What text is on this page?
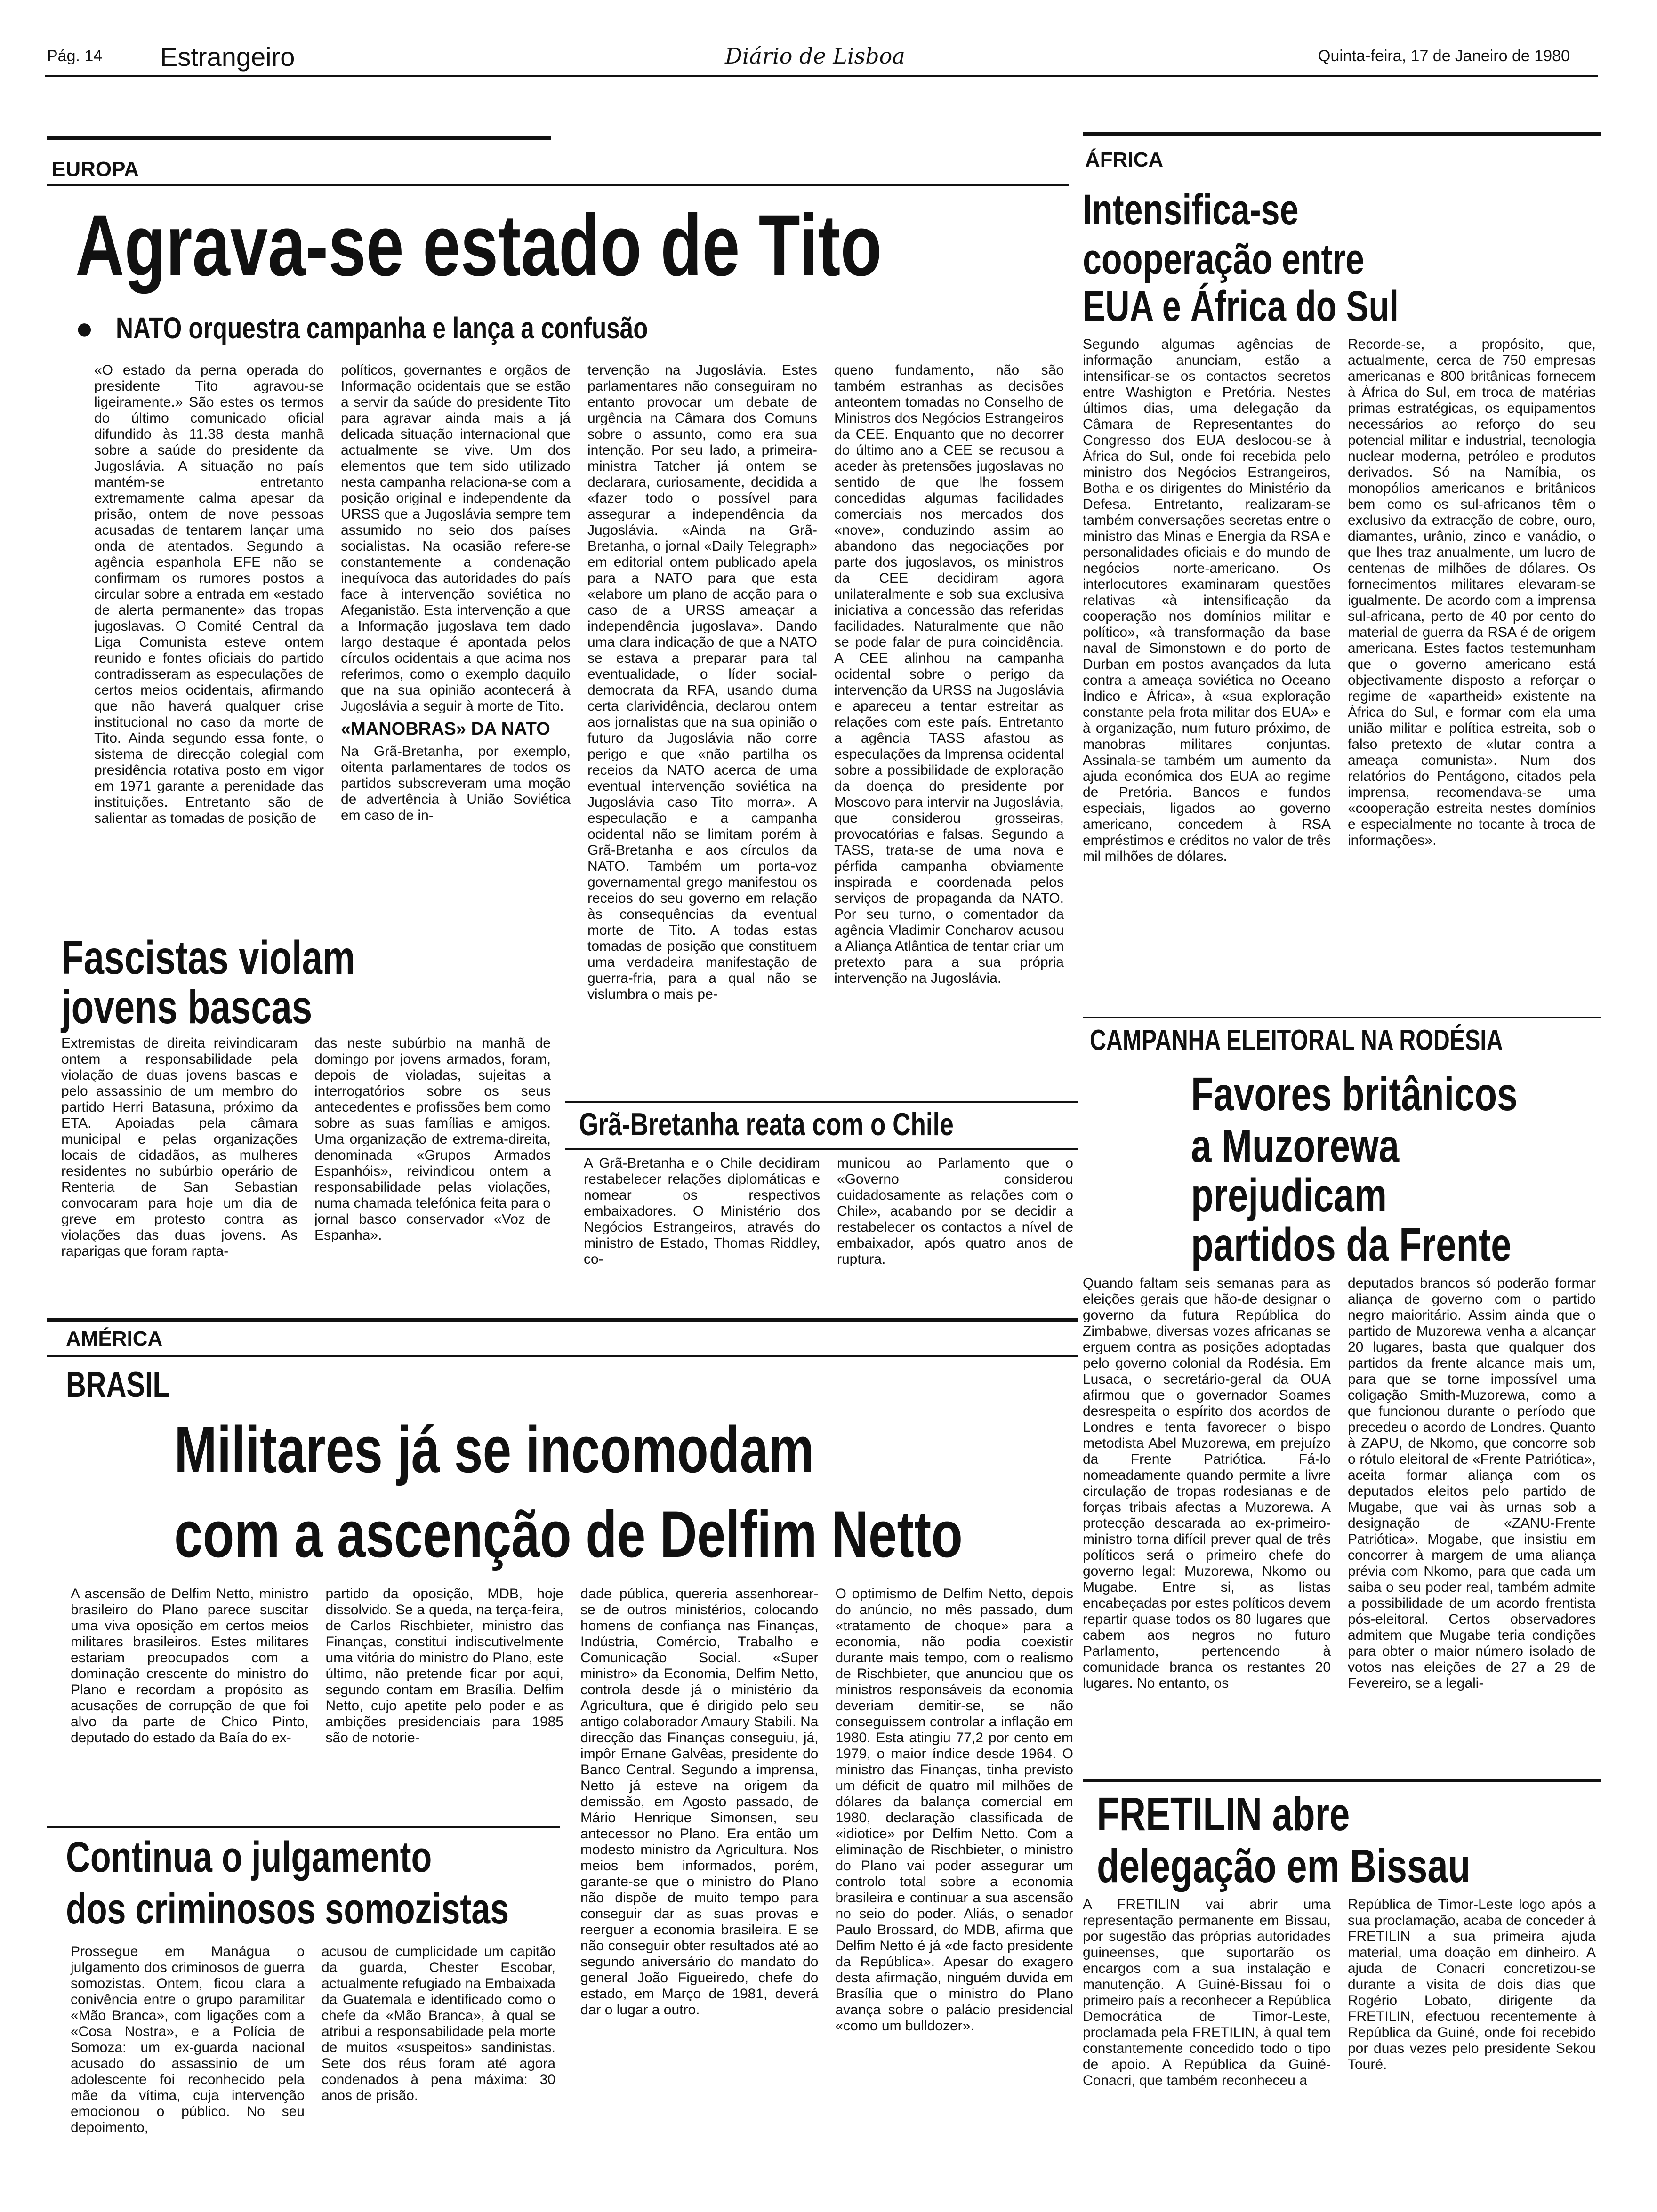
Pág. 14 Estrangeiro	Diário de Lisboa	Quinta-feira, 17 de Janeiro de 1980
EUROPA
Agrava-se estado de Tito
● NATO orquestra campanha e lança a confusão
«O estado da perna operada do presidente Tito agravou-se ligeiramente.» São estes os termos do último comunicado oficial difundido às 11.38 desta manhã sobre a saúde do presidente da Jugoslávia. A situação no país mantém-se entretanto extremamente calma apesar da prisão, ontem de nove pessoas acusadas de tentarem lançar uma onda de atentados. Segundo a agência espanhola EFE não se confirmam os rumores postos a circular sobre a entrada em «estado de alerta permanente» das tropas jugoslavas. O Comité Central da Liga Comunista esteve ontem reunido e fontes oficiais do partido contradisseram as especulações de certos meios ocidentais, afirmando que não haverá qualquer crise institucional no caso da morte de Tito. Ainda segundo essa fonte, o sistema de direcção colegial com presidência rotativa posto em vigor em 1971 garante a perenidade das instituições. Entretanto são de salientar as tomadas de posição de
políticos, governantes e orgãos de Informação ocidentais que se estão a servir da saúde do presidente Tito para agravar ainda mais a já delicada situação internacional que actualmente se vive. Um dos elementos que tem sido utilizado nesta campanha relaciona-se com a posição original e independente da URSS que a Jugoslávia sempre tem assumido no seio dos países socialistas. Na ocasião refere-se constantemente a condenação inequívoca das autoridades do país face à intervenção soviética no Afeganistão. Esta intervenção a que a Informação jugoslava tem dado largo destaque é apontada pelos círculos ocidentais a que acima nos referimos, como o exemplo daquilo que na sua opinião acontecerá à Jugoslávia a seguir à morte de Tito.
«MANOBRAS» DA NATO
Na Grã-Bretanha, por exemplo, oitenta parlamentares de todos os partidos subscreveram uma moção de advertência à União Soviética em caso de in-
tervenção na Jugoslávia. Estes parlamentares não conseguiram no entanto provocar um debate de urgência na Câmara dos Comuns sobre o assunto, como era sua intenção. Por seu lado, a primeira-ministra Tatcher já ontem se declarara, curiosamente, decidida a «fazer todo o possível para assegurar a independência da Jugoslávia. «Ainda na Grã-Bretanha, o jornal «Daily Telegraph» em editorial ontem publicado apela para a NATO para que esta «elabore um plano de acção para o caso de a URSS ameaçar a independência jugoslava». Dando uma clara indicação de que a NATO se estava a preparar para tal eventualidade, o líder social-democrata da RFA, usando duma certa clarividência, declarou ontem aos jornalistas que na sua opinião o futuro da Jugoslávia não corre perigo e que «não partilha os receios da NATO acerca de uma eventual intervenção soviética na Jugoslávia caso Tito morra». A especulação e a campanha ocidental não se limitam porém à Grã-Bretanha e aos círculos da NATO. Também um porta-voz governamental grego manifestou os receios do seu governo em relação às consequências da eventual morte de Tito. A todas estas tomadas de posição que constituem uma verdadeira manifestação de guerra-fria, para a qual não se vislumbra o mais pe-
queno fundamento, não são também estranhas as decisões anteontem tomadas no Conselho de Ministros dos Negócios Estrangeiros da CEE. Enquanto que no decorrer do último ano a CEE se recusou a aceder às pretensões jugoslavas no sentido de que lhe fossem concedidas algumas facilidades comerciais nos mercados dos «nove», conduzindo assim ao abandono das negociações por parte dos jugoslavos, os ministros da CEE decidiram agora unilateralmente e sob sua exclusiva iniciativa a concessão das referidas facilidades. Naturalmente que não se pode falar de pura coincidência. A CEE alinhou na campanha ocidental sobre o perigo da intervenção da URSS na Jugoslávia e apareceu a tentar estreitar as relações com este país. Entretanto a agência TASS afastou as especulações da Imprensa ocidental sobre a possibilidade de exploração da doença do presidente por Moscovo para intervir na Jugoslávia, que considerou grosseiras, provocatórias e falsas. Segundo a TASS, trata-se de uma nova e pérfida campanha obviamente inspirada e coordenada pelos serviços de propaganda da NATO. Por seu turno, o comentador da agência Vladimir Concharov acusou a Aliança Atlântica de tentar criar um pretexto para a sua própria intervenção na Jugoslávia.
Fascistas violam
jovens bascas
Extremistas de direita reivindicaram ontem a responsabilidade pela violação de duas jovens bascas e pelo assassinio de um membro do partido Herri Batasuna, próximo da ETA. Apoiadas pela câmara municipal e pelas organizações locais de cidadãos, as mulheres residentes no subúrbio operário de Renteria de San Sebastian convocaram para hoje um dia de greve em protesto contra as violações das duas jovens. As raparigas que foram rapta-
das neste subúrbio na manhã de domingo por jovens armados, foram, depois de violadas, sujeitas a interrogatórios sobre os seus antecedentes e profissões bem como sobre as suas famílias e amigos. Uma organização de extrema-direita, denominada «Grupos Armados Espanhóis», reivindicou ontem a responsabilidade pelas violações, numa chamada telefónica feita para o jornal basco conservador «Voz de Espanha».
Grã-Bretanha reata com o Chile
A Grã-Bretanha e o Chile decidiram restabelecer relações diplomáticas e nomear os respectivos embaixadores. O Ministério dos Negócios Estrangeiros, através do ministro de Estado, Thomas Riddley, co-
municou ao Parlamento que o «Governo considerou cuidadosamente as relações com o Chile», acabando por se decidir a restabelecer os contactos a nível de embaixador, após quatro anos de ruptura.
ÁFRICA
Intensifica-se
cooperação entre
EUA e África do Sul
Segundo algumas agências de informação anunciam, estão a intensificar-se os contactos secretos entre Washigton e Pretória. Nestes últimos dias, uma delegação da Câmara de Representantes do Congresso dos EUA deslocou-se à África do Sul, onde foi recebida pelo ministro dos Negócios Estrangeiros, Botha e os dirigentes do Ministério da Defesa. Entretanto, realizaram-se também conversações secretas entre o ministro das Minas e Energia da RSA e personalidades oficiais e do mundo de negócios norte-americano. Os interlocutores examinaram questões relativas «à intensificação da cooperação nos domínios militar e político», «à transformação da base naval de Simonstown e do porto de Durban em postos avançados da luta contra a ameaça soviética no Oceano Índico e África», à «sua exploração constante pela frota militar dos EUA» e à organização, num futuro próximo, de manobras militares conjuntas. Assinala-se também um aumento da ajuda económica dos EUA ao regime de Pretória. Bancos e fundos especiais, ligados ao governo americano, concedem à RSA empréstimos e créditos no valor de três mil milhões de dólares.
Recorde-se, a propósito, que, actualmente, cerca de 750 empresas americanas e 800 britânicas fornecem à África do Sul, em troca de matérias primas estratégicas, os equipamentos necessários ao reforço do seu potencial militar e industrial, tecnologia nuclear moderna, petróleo e produtos derivados. Só na Namíbia, os monopólios americanos e britânicos bem como os sul-africanos têm o exclusivo da extracção de cobre, ouro, diamantes, urânio, zinco e vanádio, o que lhes traz anualmente, um lucro de centenas de milhões de dólares. Os fornecimentos militares elevaram-se igualmente. De acordo com a imprensa sul-africana, perto de 40 por cento do material de guerra da RSA é de origem americana. Estes factos testemunham que o governo americano está objectivamente disposto a reforçar o regime de «apartheid» existente na África do Sul, e formar com ela uma união militar e política estreita, sob o falso pretexto de «lutar contra a ameaça comunista». Num dos relatórios do Pentágono, citados pela imprensa, recomendava-se uma «cooperação estreita nestes domínios e especialmente no tocante à troca de informações».
CAMPANHA ELEITORAL NA RODÉSIA
Favores britânicos
a Muzorewa
prejudicam
partidos da Frente
Quando faltam seis semanas para as eleições gerais que hão-de designar o governo da futura República do Zimbabwe, diversas vozes africanas se erguem contra as posições adoptadas pelo governo colonial da Rodésia. Em Lusaca, o secretário-geral da OUA afirmou que o governador Soames desrespeita o espírito dos acordos de Londres e tenta favorecer o bispo metodista Abel Muzorewa, em prejuízo da Frente Patriótica. Fá-lo nomeadamente quando permite a livre circulação de tropas rodesianas e de forças tribais afectas a Muzorewa. A protecção descarada ao ex-primeiro-ministro torna difícil prever qual de três políticos será o primeiro chefe do governo legal: Muzorewa, Nkomo ou Mugabe. Entre si, as listas encabeçadas por estes políticos devem repartir quase todos os 80 lugares que cabem aos negros no futuro Parlamento, pertencendo à comunidade branca os restantes 20 lugares. No entanto, os
deputados brancos só poderão formar aliança de governo com o partido negro maioritário. Assim ainda que o partido de Muzorewa venha a alcançar 20 lugares, basta que qualquer dos partidos da frente alcance mais um, para que se torne impossível uma coligação Smith-Muzorewa, como a que funcionou durante o período que precedeu o acordo de Londres. Quanto à ZAPU, de Nkomo, que concorre sob o rótulo eleitoral de «Frente Patriótica», aceita formar aliança com os deputados eleitos pelo partido de Mugabe, que vai às urnas sob a designação de «ZANU-Frente Patriótica». Mogabe, que insistiu em concorrer à margem de uma aliança prévia com Nkomo, para que cada um saiba o seu poder real, também admite a possibilidade de um acordo frentista pós-eleitoral. Certos observadores admitem que Mugabe teria condições para obter o maior número isolado de votos nas eleições de 27 a 29 de Fevereiro, se a legali-
FRETILIN abre
delegação em Bissau
A FRETILIN vai abrir uma representação permanente em Bissau, por sugestão das próprias autoridades guineenses, que suportarão os encargos com a sua instalação e manutenção. A Guiné-Bissau foi o primeiro país a reconhecer a República Democrática de Timor-Leste, proclamada pela FRETILIN, à qual tem constantemente concedido todo o tipo de apoio. A República da Guiné-Conacri, que também reconheceu a
República de Timor-Leste logo após a sua proclamação, acaba de conceder à FRETILIN a sua primeira ajuda material, uma doação em dinheiro. A ajuda de Conacri concretizou-se durante a visita de dois dias que Rogério Lobato, dirigente da FRETILIN, efectuou recentemente à República da Guiné, onde foi recebido por duas vezes pelo presidente Sekou Touré.
AMÉRICA
BRASIL
Militares já se incomodam
com a ascenção de Delfim Netto
A ascensão de Delfim Netto, ministro brasileiro do Plano parece suscitar uma viva oposição em certos meios militares brasileiros. Estes militares estariam preocupados com a dominação crescente do ministro do Plano e recordam a propósito as acusações de corrupção de que foi alvo da parte de Chico Pinto, deputado do estado da Baía do ex-
partido da oposição, MDB, hoje dissolvido. Se a queda, na terça-feira, de Carlos Rischbieter, ministro das Finanças, constitui indiscutivelmente uma vitória do ministro do Plano, este último, não pretende ficar por aqui, segundo contam em Brasília. Delfim Netto, cujo apetite pelo poder e as ambições presidenciais para 1985 são de notorie-
dade pública, quereria assenhorear-se de outros ministérios, colocando homens de confiança nas Finanças, Indústria, Comércio, Trabalho e Comunicação Social. «Super ministro» da Economia, Delfim Netto, controla desde já o ministério da Agricultura, que é dirigido pelo seu antigo colaborador Amaury Stabili. Na direcção das Finanças conseguiu, já, impôr Ernane Galvêas, presidente do Banco Central. Segundo a imprensa, Netto já esteve na origem da demissão, em Agosto passado, de Mário Henrique Simonsen, seu antecessor no Plano. Era então um modesto ministro da Agricultura. Nos meios bem informados, porém, garante-se que o ministro do Plano não dispõe de muito tempo para conseguir dar as suas provas e reerguer a economia brasileira. E se não conseguir obter resultados até ao segundo aniversário do mandato do general João Figueiredo, chefe do estado, em Março de 1981, deverá dar o lugar a outro.
O optimismo de Delfim Netto, depois do anúncio, no mês passado, dum «tratamento de choque» para a economia, não podia coexistir durante mais tempo, com o realismo de Rischbieter, que anunciou que os ministros responsáveis da economia deveriam demitir-se, se não conseguissem controlar a inflação em 1980. Esta atingiu 77,2 por cento em 1979, o maior índice desde 1964. O ministro das Finanças, tinha previsto um déficit de quatro mil milhões de dólares da balança comercial em 1980, declaração classificada de «idiotice» por Delfim Netto. Com a eliminação de Rischbieter, o ministro do Plano vai poder assegurar um controlo total sobre a economia brasileira e continuar a sua ascensão no seio do poder. Aliás, o senador Paulo Brossard, do MDB, afirma que Delfim Netto é já «de facto presidente da República». Apesar do exagero desta afirmação, ninguém duvida em Brasília que o ministro do Plano avança sobre o palácio presidencial «como um bulldozer».
Continua o julgamento
dos criminosos somozistas
Prossegue em Manágua o julgamento dos criminosos de guerra somozistas. Ontem, ficou clara a conivência entre o grupo paramilitar «Mão Branca», com ligações com a «Cosa Nostra», e a Polícia de Somoza: um ex-guarda nacional acusado do assassinio de um adolescente foi reconhecido pela mãe da vítima, cuja intervenção emocionou o público. No seu depoimento,
acusou de cumplicidade um capitão da guarda, Chester Escobar, actualmente refugiado na Embaixada da Guatemala e identificado como o chefe da «Mão Branca», à qual se atribui a responsabilidade pela morte de muitos «suspeitos» sandinistas. Sete dos réus foram até agora condenados à pena máxima: 30 anos de prisão.
